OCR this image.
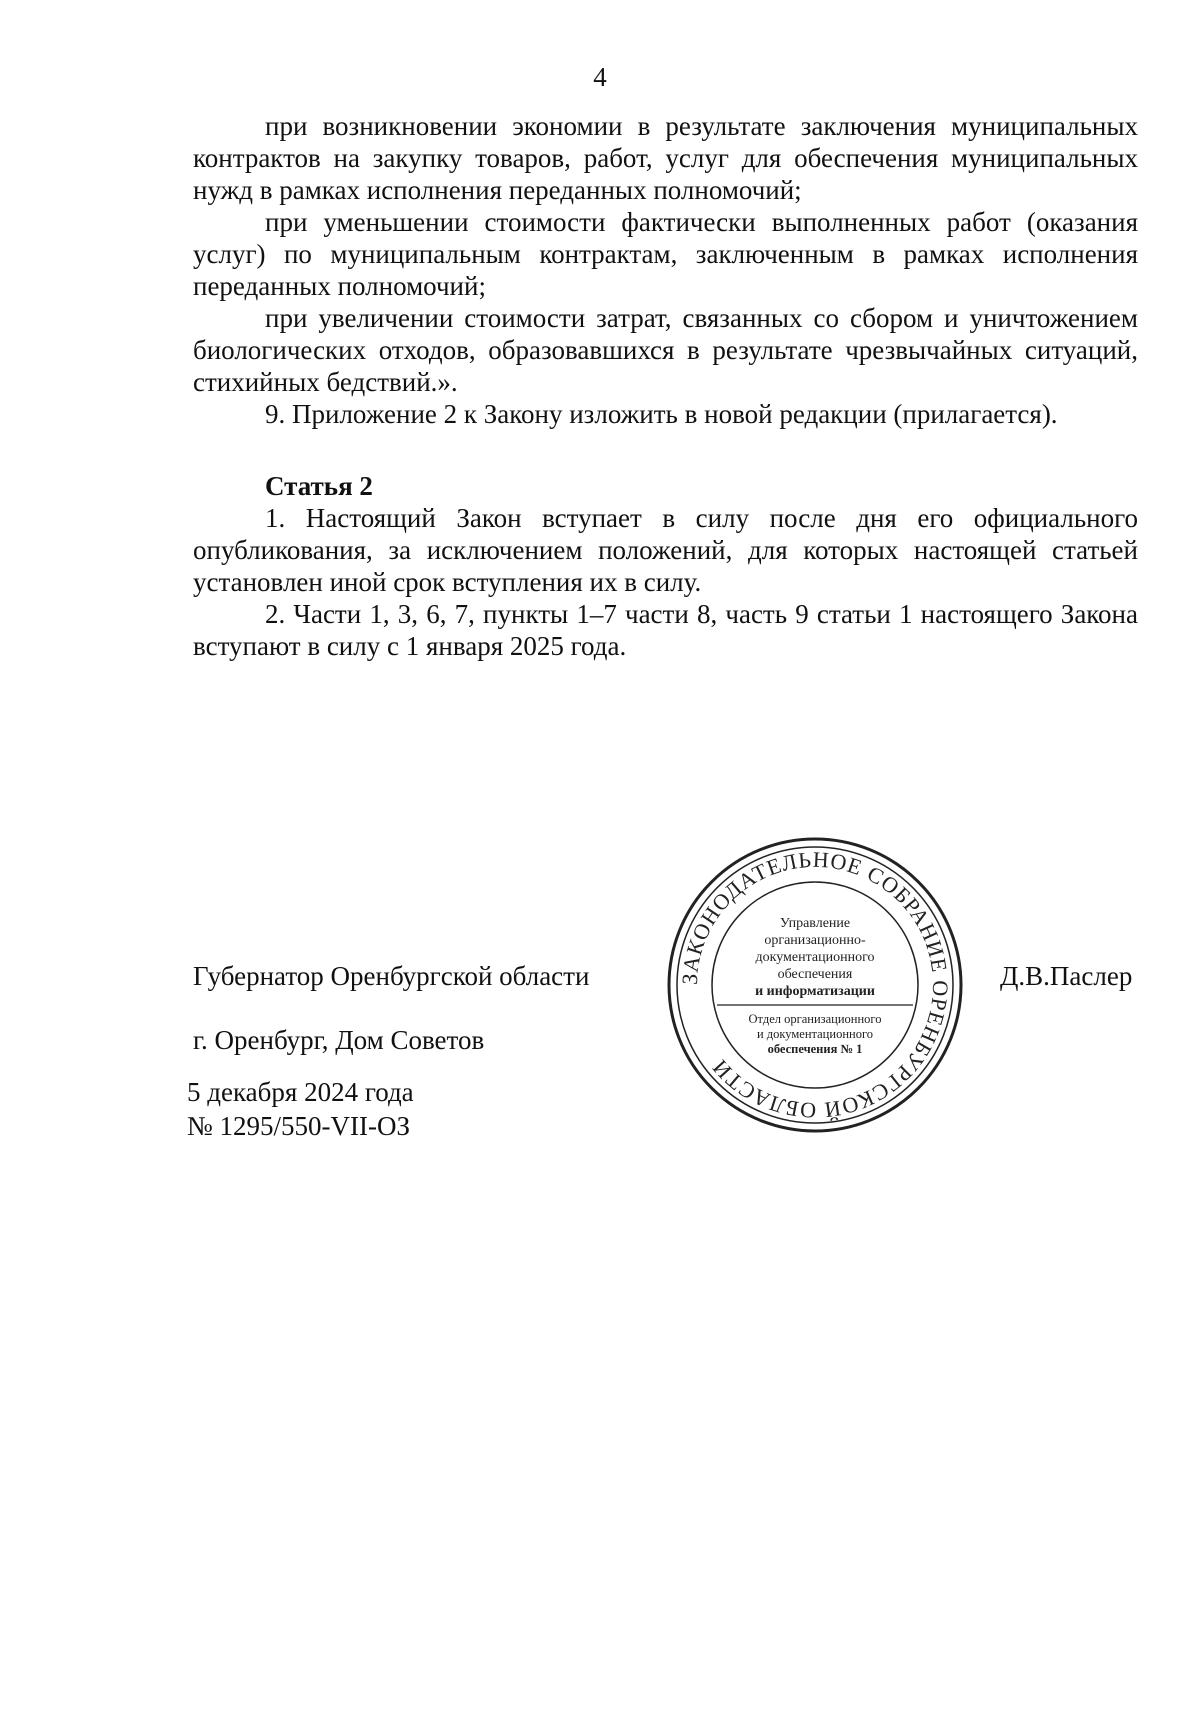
4

при возникновении экономии в результате заключения муниципальных контрактов на закупку товаров, работ, услуг для обеспечения муниципальных нужд в рамках исполнения переданных полномочий;

при уменьшении стоимости фактически выполненных работ (оказания услуг) по муниципальным контрактам, заключенным в рамках исполнения переданных полномочий;

при увеличении стоимости затрат, связанных со сбором и уничтожением биологических отходов, образовавшихся в результате чрезвычайных ситуаций, стихийных бедствий.».

9. Приложение 2 к Закону изложить в новой редакции (прилагается).

Статья 2

1. Настоящий Закон вступает в силу после дня его официального опубликования, за исключением положений, для которых настоящей статьей установлен иной срок вступления их в силу.

2. Части 1, 3, 6, 7, пункты 1–7 части 8, часть 9 статьи 1 настоящего Закона вступают в силу с 1 января 2025 года.

Губернатор Оренбургской области	Д.В.Паслер
г. Оренбург, Дом Советов
5 декабря 2024 года
№ 1295/550-VII-ОЗ
ЗАКОНОДАТЕЛЬНОЕ СОБРАНИЕ ОРЕНБУРГСКОЙ ОБЛАСТИ
Управление
организационно-
документационного
обеспечения
и информатизации
Отдел организационного
и документационного
обеспечения № 1
